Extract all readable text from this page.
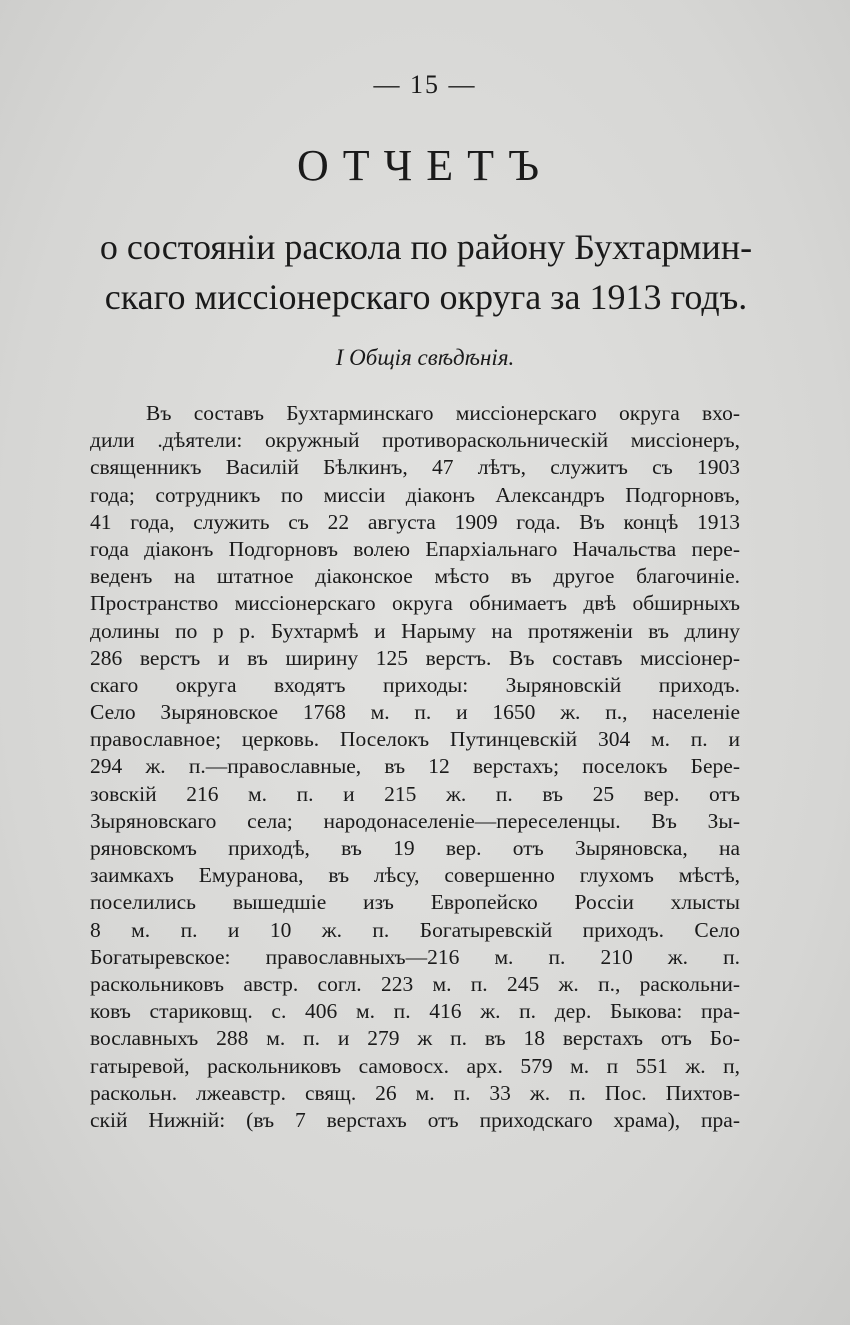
— 15 —
ОТЧЕТЪ
о состояніи раскола по району Бухтармин-
скаго миссіонерскаго округа за 1913 годъ.
I Общія свѣдѣнія.
Въ составъ Бухтарминскаго миссіонерскаго округа вхо-
дили .дѣятели: окружный противораскольническій миссіонеръ,
священникъ Василій Бѣлкинъ, 47 лѣтъ, служитъ съ 1903
года; сотрудникъ по миссіи діаконъ Александръ Подгорновъ,
41 года, служить съ 22 августа 1909 года. Въ концѣ 1913
года діаконъ Подгорновъ волею Епархіальнаго Начальства пере-
веденъ на штатное діаконское мѣсто въ другое благочиніе.
Пространство миссіонерскаго округа обнимаетъ двѣ обширныхъ
долины по р р. Бухтармѣ и Нарыму на протяженіи въ длину
286 верстъ и въ ширину 125 верстъ. Въ составъ миссіонер-
скаго округа входятъ приходы: Зыряновскій приходъ.
Село Зыряновское 1768 м. п. и 1650 ж. п., населеніе
православное; церковь. Поселокъ Путинцевскій 304 м. п. и
294 ж. п.—православные, въ 12 верстахъ; поселокъ Бере-
зовскій 216 м. п. и 215 ж. п. въ 25 вер. отъ
Зыряновскаго села; народонаселеніе—переселенцы. Въ Зы-
ряновскомъ приходѣ, въ 19 вер. отъ Зыряновска, на
заимкахъ Емуранова, въ лѣсу, совершенно глухомъ мѣстѣ,
поселились вышедшіе изъ Европейско Россіи хлысты
8 м. п. и 10 ж. п. Богатыревскій приходъ. Село
Богатыревское: православныхъ—216 м. п. 210 ж. п.
раскольниковъ австр. согл. 223 м. п. 245 ж. п., раскольни-
ковъ стариковщ. с. 406 м. п. 416 ж. п. дер. Быкова: пра-
вославныхъ 288 м. п. и 279 ж п. въ 18 верстахъ отъ Бо-
гатыревой, раскольниковъ самовосх. арх. 579 м. п 551 ж. п,
раскольн. лжеавстр. свящ. 26 м. п. 33 ж. п. Пос. Пихтов-
скій Нижній: (въ 7 верстахъ отъ приходскаго храма), пра-
